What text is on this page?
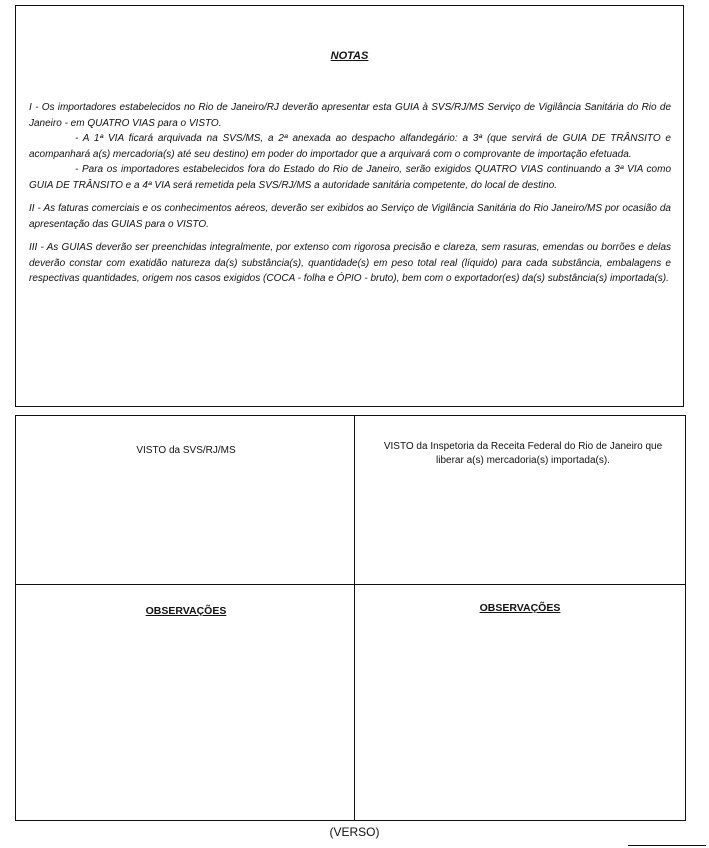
NOTAS

I - Os importadores estabelecidos no Rio de Janeiro/RJ deverão apresentar esta GUIA à SVS/RJ/MS Serviço de Vigilância Sanitária do Rio de Janeiro - em QUATRO VIAS para o VISTO.
- A 1ª VIA ficará arquivada na SVS/MS, a 2ª anexada ao despacho alfandegário: a 3ª (que servirá de GUIA DE TRÂNSITO e acompanhará a(s) mercadoria(s) até seu destino) em poder do importador que a arquivará com o comprovante de importação efetuada.
- Para os importadores estabelecidos fora do Estado do Rio de Janeiro, serão exigidos QUATRO VIAS continuando a 3ª VIA como GUIA DE TRÂNSITO e a 4ª VIA será remetida pela SVS/RJ/MS a autoridade sanitária competente, do local de destino.

II - As faturas comerciais e os conhecimentos aéreos, deverão ser exibidos ao Serviço de Vigilância Sanitária do Rio Janeiro/MS por ocasião da apresentação das GUIAS para o VISTO.

III - As GUIAS deverão ser preenchidas integralmente, por extenso com rigorosa precisão e clareza, sem rasuras, emendas ou borrões e delas deverão constar com exatidão natureza da(s) substância(s), quantidade(s) em peso total real (líquido) para cada substância, embalagens e respectivas quantidades, origem nos casos exigidos (COCA - folha e ÓPIO - bruto), bem com o exportador(es) da(s) substância(s) importada(s).

VISTO da SVS/RJ/MS	VISTO da Inspetoria da Receita Federal do Rio de Janeiro que liberar a(s) mercadoria(s) importada(s).
OBSERVAÇÕES	OBSERVAÇÕES
(VERSO)
